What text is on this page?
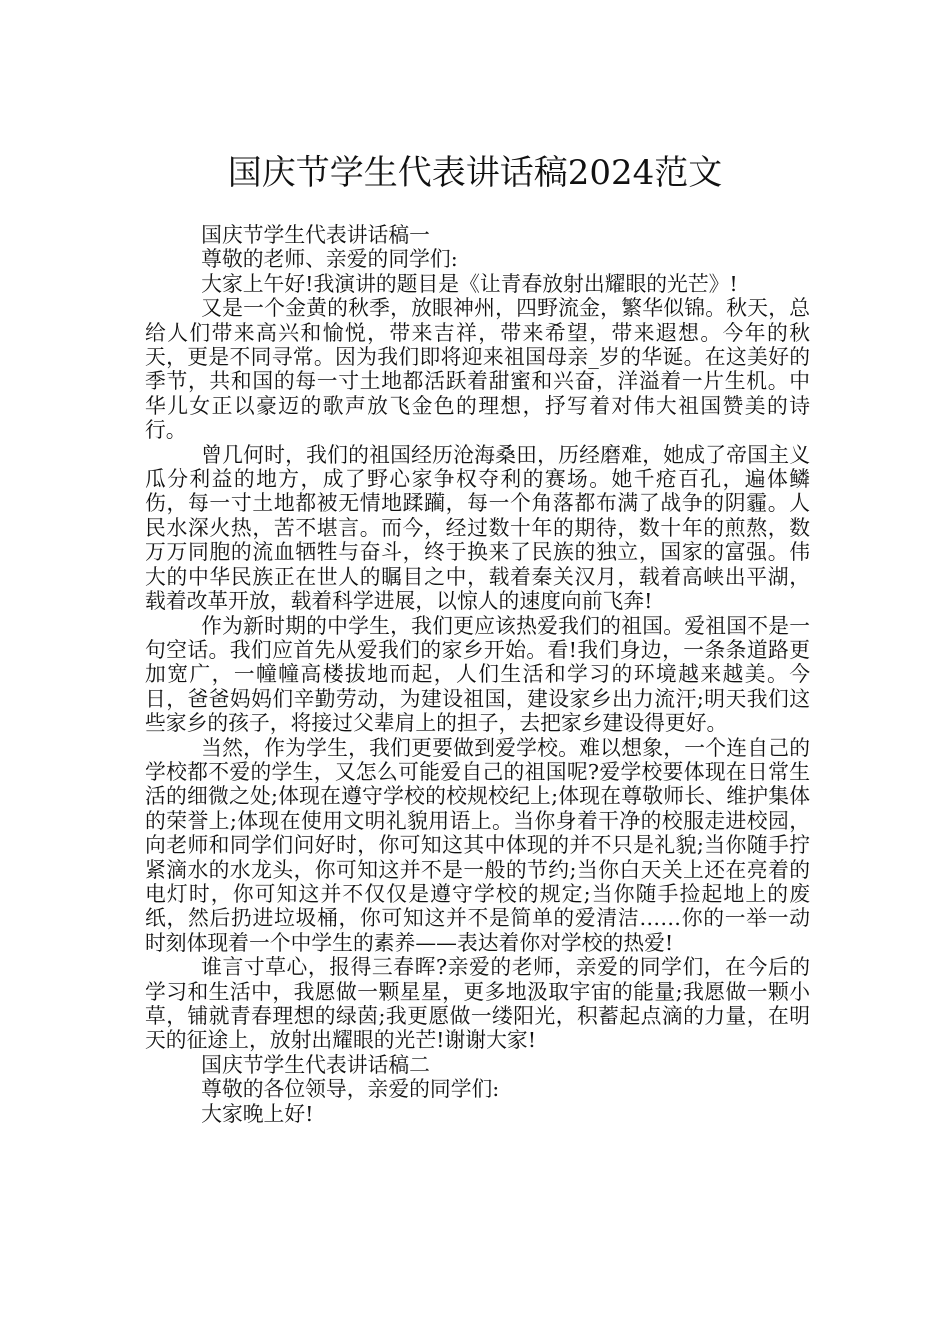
国庆节学生代表讲话稿2024范文

国庆节学生代表讲话稿一

尊敬的老师、亲爱的同学们:

大家上午好!我演讲的题目是《让青春放射出耀眼的光芒》!

又是一个金黄的秋季，放眼神州，四野流金，繁华似锦。秋天，总给人们带来高兴和愉悦，带来吉祥，带来希望，带来遐想。今年的秋天，更是不同寻常。因为我们即将迎来祖国母亲_岁的华诞。在这美好的季节，共和国的每一寸土地都活跃着甜蜜和兴奋，洋溢着一片生机。中华儿女正以豪迈的歌声放飞金色的理想，抒写着对伟大祖国赞美的诗行。

曾几何时，我们的祖国经历沧海桑田，历经磨难，她成了帝国主义瓜分利益的地方，成了野心家争权夺利的赛场。她千疮百孔，遍体鳞伤，每一寸土地都被无情地蹂躏，每一个角落都布满了战争的阴霾。人民水深火热，苦不堪言。而今，经过数十年的期待，数十年的煎熬，数万万同胞的流血牺牲与奋斗，终于换来了民族的独立，国家的富强。伟大的中华民族正在世人的瞩目之中，载着秦关汉月，载着高峡出平湖，载着改革开放，载着科学进展，以惊人的速度向前飞奔!

作为新时期的中学生，我们更应该热爱我们的祖国。爱祖国不是一句空话。我们应首先从爱我们的家乡开始。看!我们身边，一条条道路更加宽广，一幢幢高楼拔地而起，人们生活和学习的环境越来越美。今日，爸爸妈妈们辛勤劳动，为建设祖国，建设家乡出力流汗;明天我们这些家乡的孩子，将接过父辈肩上的担子，去把家乡建设得更好。

当然，作为学生，我们更要做到爱学校。难以想象，一个连自己的学校都不爱的学生，又怎么可能爱自己的祖国呢?爱学校要体现在日常生活的细微之处;体现在遵守学校的校规校纪上;体现在尊敬师长、维护集体的荣誉上;体现在使用文明礼貌用语上。当你身着干净的校服走进校园，向老师和同学们问好时，你可知这其中体现的并不只是礼貌;当你随手拧紧滴水的水龙头，你可知这并不是一般的节约;当你白天关上还在亮着的电灯时，你可知这并不仅仅是遵守学校的规定;当你随手捡起地上的废纸，然后扔进垃圾桶，你可知这并不是简单的爱清洁……你的一举一动时刻体现着一个中学生的素养——表达着你对学校的热爱!

谁言寸草心，报得三春晖?亲爱的老师，亲爱的同学们，在今后的学习和生活中，我愿做一颗星星，更多地汲取宇宙的能量;我愿做一颗小草，铺就青春理想的绿茵;我更愿做一缕阳光，积蓄起点滴的力量，在明天的征途上，放射出耀眼的光芒!谢谢大家!

国庆节学生代表讲话稿二

尊敬的各位领导，亲爱的同学们:

大家晚上好!
